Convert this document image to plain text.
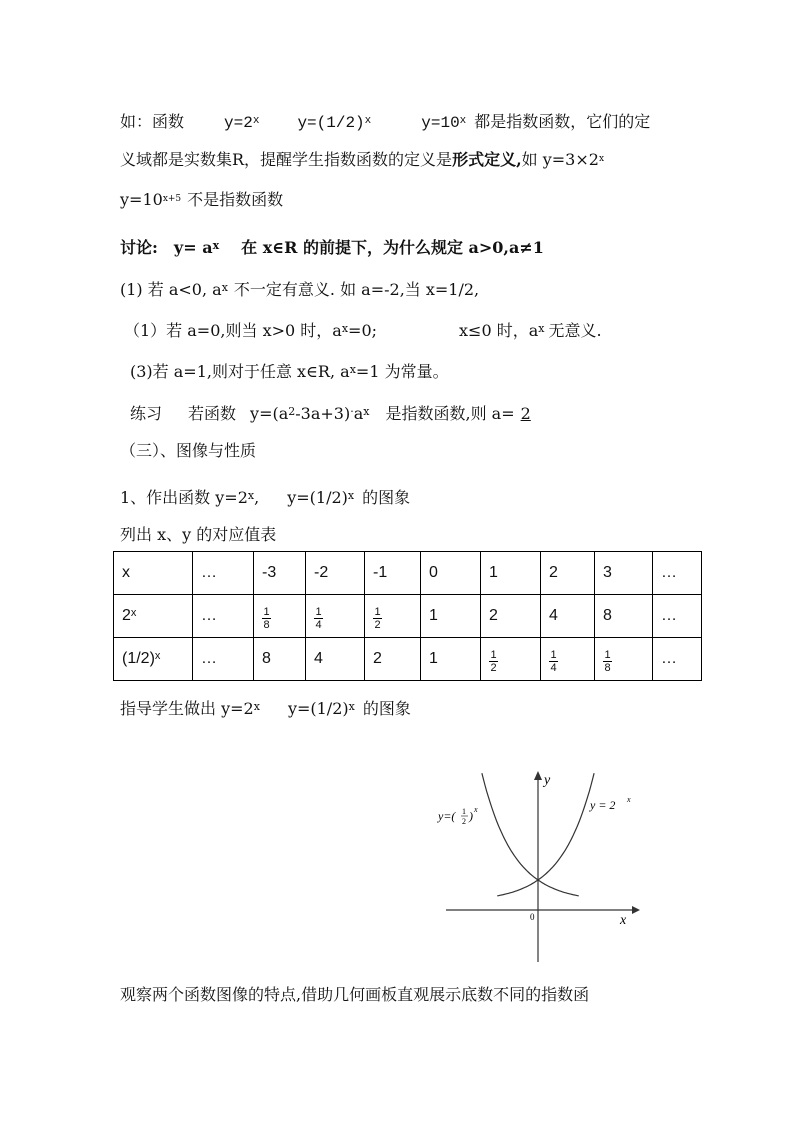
如：函数	$y=2^x$ $y=(1/2)^x$	$y=10^x$ 都是指数函数，它们的定
义域都是实数集R，提醒学生指数函数的定义是形式定义,如 $y=3\times 2^x$
$y=10^{x+5}$ 不是指数函数
讨论: $y= a^x$ 在 x∈R 的前提下，为什么规定 a>0,a≠1
(1) 若 a<0, $a^x$ 不一定有意义. 如 a=-2,当 x=1/2,
（1）若 a=0,则当 x>0 时，$a^x=0$;	x≤0 时，$a^x$ 无意义.
(3)若 a=1,则对于任意 x∈R, $a^x=1$ 为常量。
练习 若函数 $y=(a^2-3a+3)^\cdot a^x$ 是指数函数,则 a= 2
（三）、图像与性质
1、作出函数 $y=2^x$, $y=(1/2)^x$ 的图象
列出 x、y 的对应值表
x	…	-3	-2	-1	0	1	2	3	…
2$^x$	…	$\frac{1}{8}$	$\frac{1}{4}$	$\frac{1}{2}$	1	2	4	8	…
$(1/2)^x$	…	8	4	2	1	$\frac{1}{2}$	$\frac{1}{4}$	$\frac{1}{8}$	…
指导学生做出 $y=2^x$ $y=(1/2)^x$ 的图象
y
x
0
y=( 1
2 ) x	y = 2 x
观察两个函数图像的特点,借助几何画板直观展示底数不同的指数函
